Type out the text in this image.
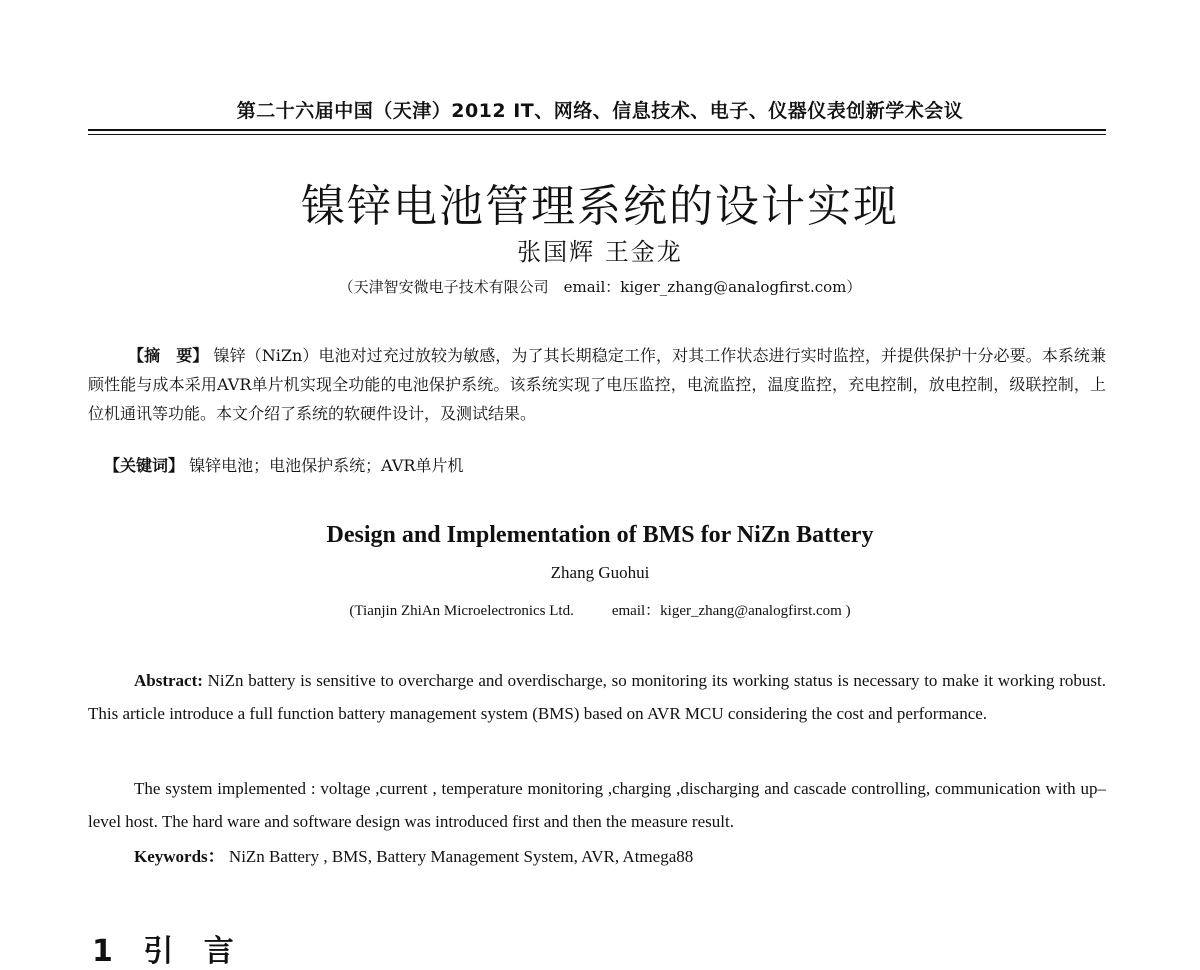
第二十六届中国（天津）2012 IT、网络、信息技术、电子、仪器仪表创新学术会议
镍锌电池管理系统的设计实现
张国辉 王金龙
（天津智安微电子技术有限公司　email：kiger_zhang@analogfirst.com）
【摘　要】 镍锌（NiZn）电池对过充过放较为敏感，为了其长期稳定工作，对其工作状态进行实时监控，并提供保护十分必要。本系统兼顾性能与成本采用AVR单片机实现全功能的电池保护系统。该系统实现了电压监控，电流监控，温度监控，充电控制，放电控制，级联控制，上位机通讯等功能。本文介绍了系统的软硬件设计，及测试结果。
【关键词】 镍锌电池；电池保护系统；AVR单片机
Design and Implementation of BMS for NiZn Battery
Zhang Guohui
(Tianjin ZhiAn Microelectronics Ltd.	email：kiger_zhang@analogfirst.com )
Abstract: NiZn battery is sensitive to overcharge and overdischarge, so monitoring its working status is necessary to make it working robust. This article introduce a full function battery management system (BMS) based on AVR MCU considering the cost and performance.
The system implemented : voltage ,current , temperature monitoring ,charging ,discharging and cascade controlling, communication with up–level host. The hard ware and software design was introduced first and then the measure result.
Keywords： NiZn Battery , BMS, Battery Management System, AVR, Atmega88
1 引 言
